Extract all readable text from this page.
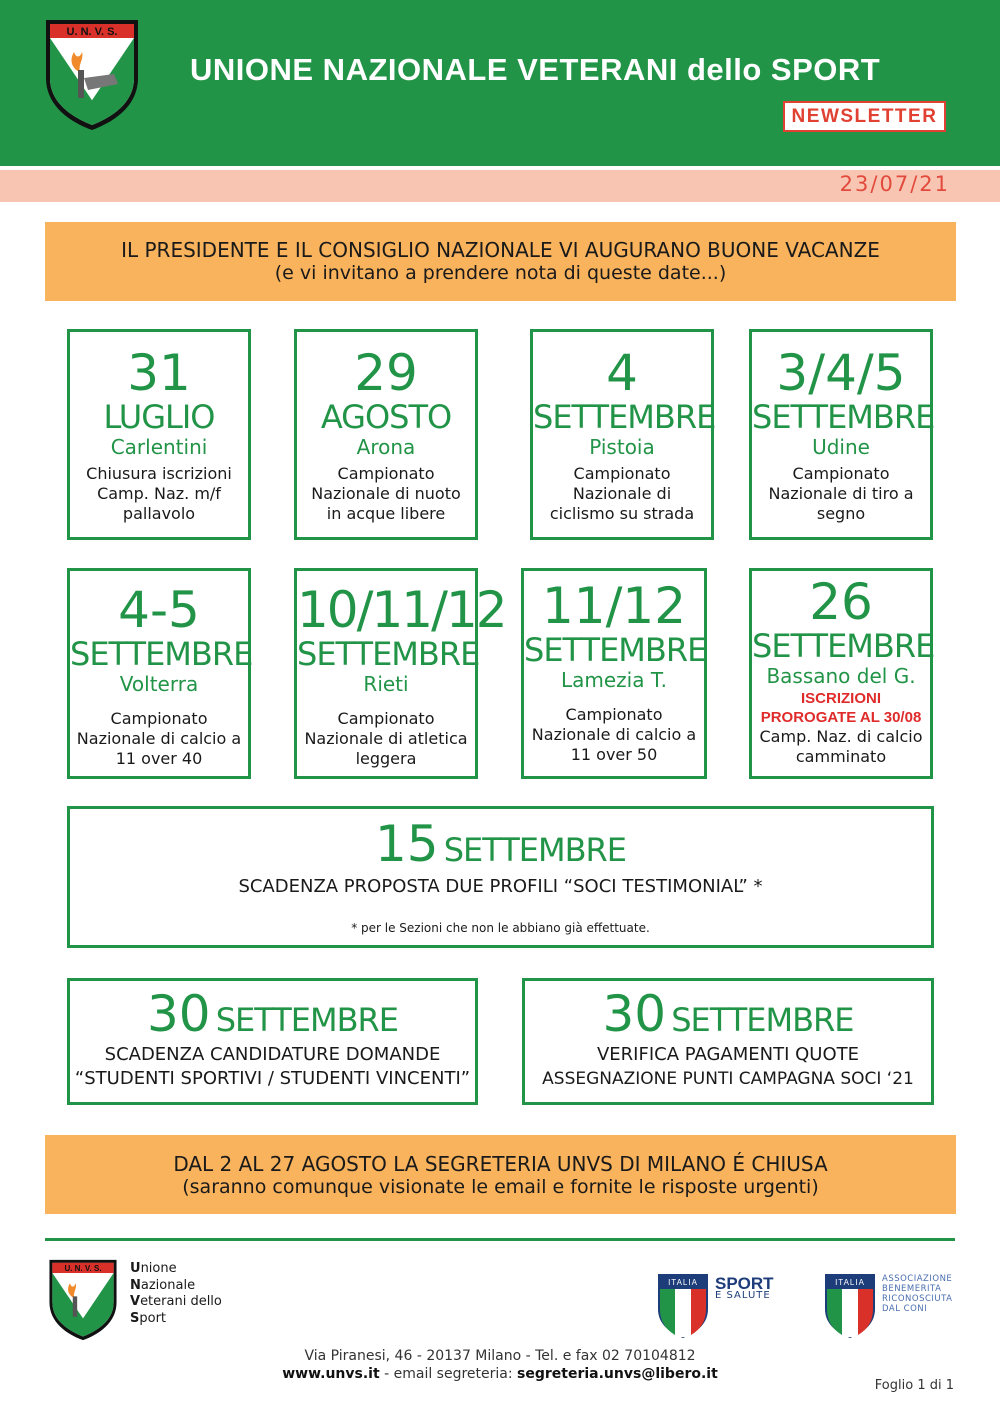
U. N. V. S.
UNIONE NAZIONALE VETERANI dello SPORT
NEWSLETTER
23/07/21
IL PRESIDENTE E IL CONSIGLIO NAZIONALE VI AUGURANO BUONE VACANZE
(e vi invitano a prendere nota di queste date...)
31
LUGLIO
Carlentini
Chiusura iscrizioni Camp. Naz. m/f pallavolo
29
AGOSTO
Arona
Campionato Nazionale di nuoto in acque libere
4
SETTEMBRE
Pistoia
Campionato Nazionale di ciclismo su strada
3/4/5
SETTEMBRE
Udine
Campionato Nazionale di tiro a segno
4-5
SETTEMBRE
Volterra
Campionato Nazionale di calcio a 11 over 40
10/11/12
SETTEMBRE
Rieti
Campionato Nazionale di atletica leggera
11/12
SETTEMBRE
Lamezia T.
Campionato Nazionale di calcio a 11 over 50
26
SETTEMBRE
Bassano del G.
ISCRIZIONI PROROGATE AL 30/08
Camp. Naz. di calcio camminato
15 SETTEMBRE
SCADENZA PROPOSTA DUE PROFILI “SOCI TESTIMONIAL” *
* per le Sezioni che non le abbiano già effettuate.
30 SETTEMBRE
SCADENZA CANDIDATURE DOMANDE
“STUDENTI SPORTIVI / STUDENTI VINCENTI”
30 SETTEMBRE
VERIFICA PAGAMENTI QUOTE
ASSEGNAZIONE PUNTI CAMPAGNA SOCI ‘21
DAL 2 AL 27 AGOSTO LA SEGRETERIA UNVS DI MILANO É CHIUSA
(saranno comunque visionate le email e fornite le risposte urgenti)
U. N. V. S. Unione
Nazionale
Veterani dello
Sport
ITALIA SPORT
E SALUTE
ITALIA ASSOCIAZIONE
BENEMERITA
RICONOSCIUTA
DAL CONI
Via Piranesi, 46 - 20137 Milano - Tel. e fax 02 70104812
www.unvs.it - email segreteria: segreteria.unvs@libero.it
Foglio 1 di 1
